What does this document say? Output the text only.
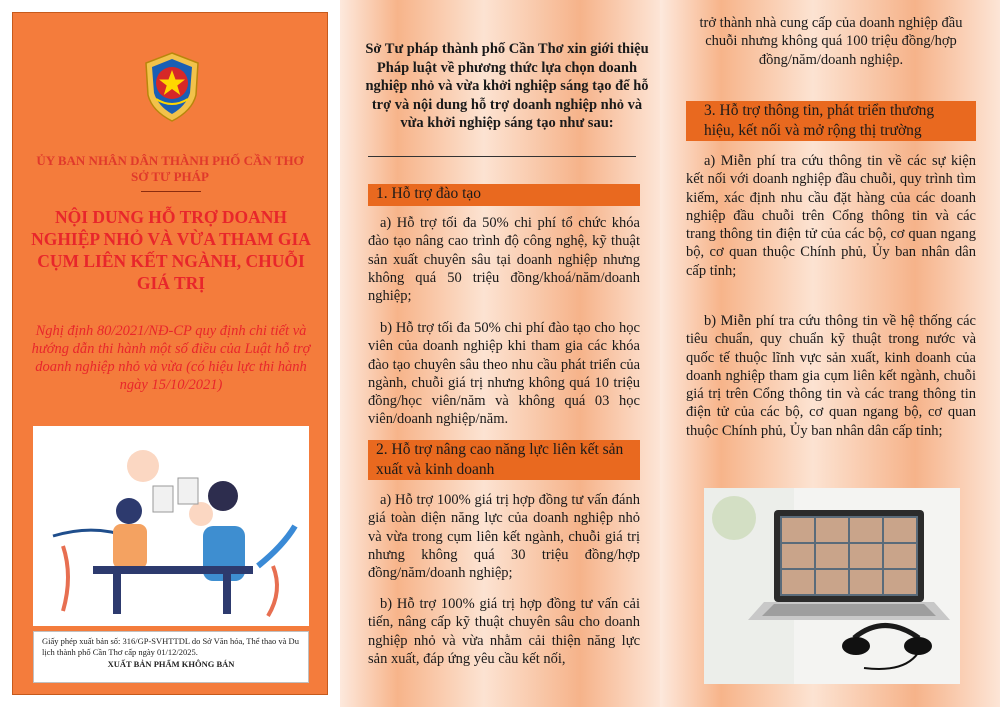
ỦY BAN NHÂN DÂN THÀNH PHỐ CẦN THƠ
SỞ TƯ PHÁP
NỘI DUNG HỖ TRỢ DOANH NGHIỆP NHỎ VÀ VỪA THAM GIA CỤM LIÊN KẾT NGÀNH, CHUỖI GIÁ TRỊ
Nghị định 80/2021/NĐ-CP quy định chi tiết và hướng dẫn thi hành một số điều của Luật hỗ trợ doanh nghiệp nhỏ và vừa (có hiệu lực thi hành ngày 15/10/2021)
Giấy phép xuất bản số: 316/GP-SVHTTDL do Sở Văn hóa, Thể thao và Du lịch thành phố Cần Thơ cấp ngày 01/12/2025.
XUẤT BẢN PHẨM KHÔNG BÁN
Sở Tư pháp thành phố Cần Thơ xin giới thiệu Pháp luật về phương thức lựa chọn doanh nghiệp nhỏ và vừa khởi nghiệp sáng tạo để hỗ trợ và nội dung hỗ trợ doanh nghiệp nhỏ và vừa khởi nghiệp sáng tạo như sau:
1. Hỗ trợ đào tạo
a) Hỗ trợ tối đa 50% chi phí tổ chức khóa đào tạo nâng cao trình độ công nghệ, kỹ thuật sản xuất chuyên sâu tại doanh nghiệp nhưng không quá 50 triệu đồng/khoá/năm/doanh nghiệp;
b) Hỗ trợ tối đa 50% chi phí đào tạo cho học viên của doanh nghiệp khi tham gia các khóa đào tạo chuyên sâu theo nhu cầu phát triển của ngành, chuỗi giá trị nhưng không quá 10 triệu đồng/học viên/năm và không quá 03 học viên/doanh nghiệp/năm.
2. Hỗ trợ nâng cao năng lực liên kết sản xuất và kinh doanh
a) Hỗ trợ 100% giá trị hợp đồng tư vấn đánh giá toàn diện năng lực của doanh nghiệp nhỏ và vừa trong cụm liên kết ngành, chuỗi giá trị nhưng không quá 30 triệu đồng/hợp đồng/năm/doanh nghiệp;
b) Hỗ trợ 100% giá trị hợp đồng tư vấn cải tiến, nâng cấp kỹ thuật chuyên sâu cho doanh nghiệp nhỏ và vừa nhằm cải thiện năng lực sản xuất, đáp ứng yêu cầu kết nối,
trở thành nhà cung cấp của doanh nghiệp đầu chuỗi nhưng không quá 100 triệu đồng/hợp đồng/năm/doanh nghiệp.
3. Hỗ trợ thông tin, phát triển thương hiệu, kết nối và mở rộng thị trường
a) Miễn phí tra cứu thông tin về các sự kiện kết nối với doanh nghiệp đầu chuỗi, quy trình tìm kiếm, xác định nhu cầu đặt hàng của các doanh nghiệp đầu chuỗi trên Cổng thông tin và các trang thông tin điện tử của các bộ, cơ quan ngang bộ, cơ quan thuộc Chính phủ, Ủy ban nhân dân cấp tỉnh;
b) Miễn phí tra cứu thông tin về hệ thống các tiêu chuẩn, quy chuẩn kỹ thuật trong nước và quốc tế thuộc lĩnh vực sản xuất, kinh doanh của doanh nghiệp tham gia cụm liên kết ngành, chuỗi giá trị trên Cổng thông tin và các trang thông tin điện tử của các bộ, cơ quan ngang bộ, cơ quan thuộc Chính phủ, Ủy ban nhân dân cấp tỉnh;
